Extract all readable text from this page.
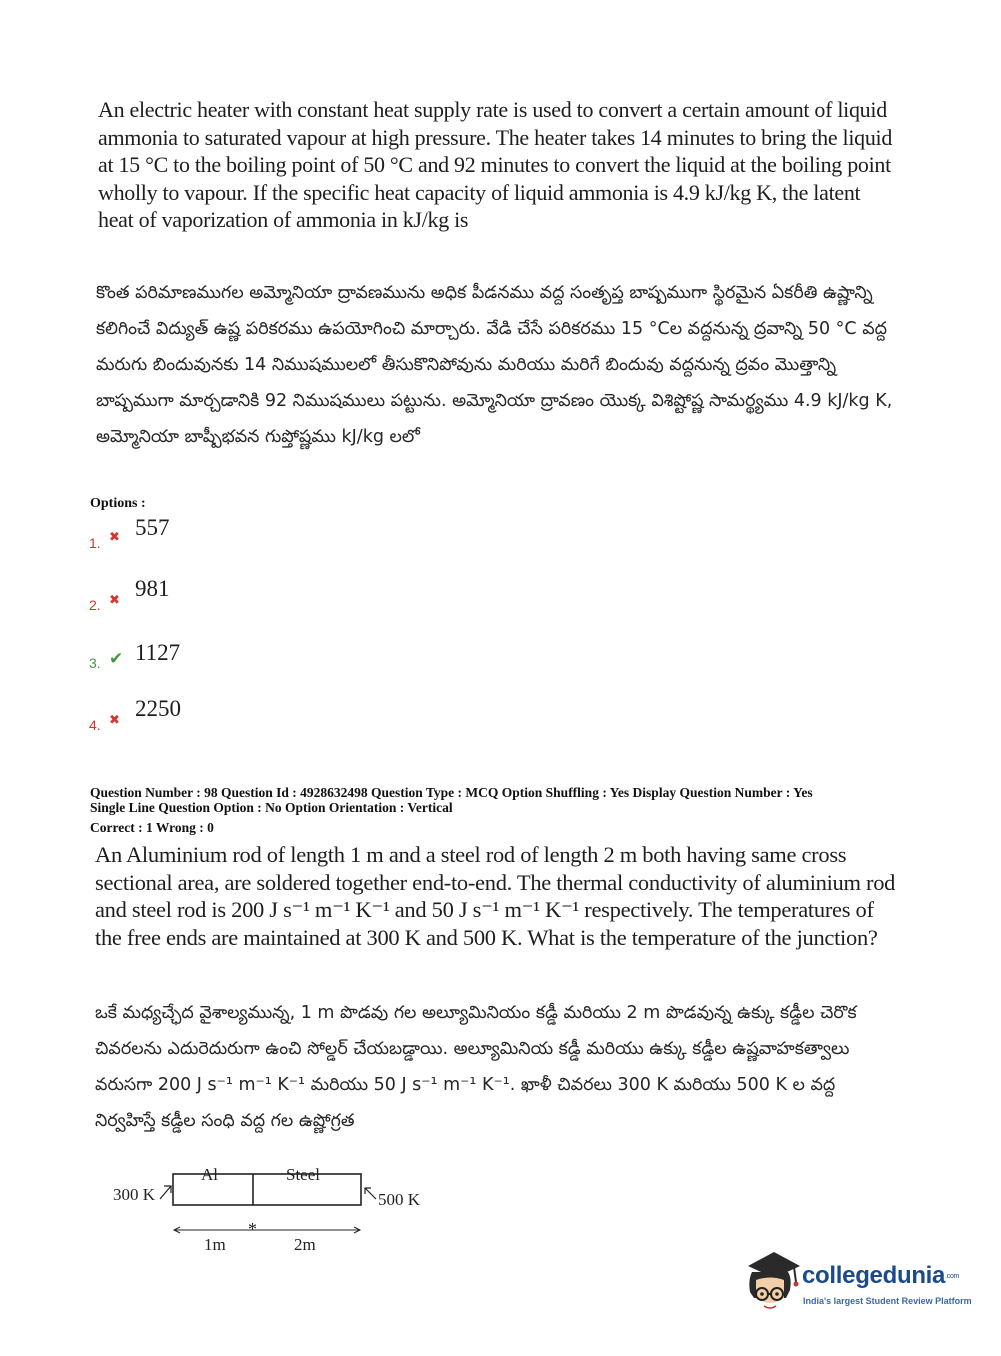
An electric heater with constant heat supply rate is used to convert a certain amount of liquid ammonia to saturated vapour at high pressure. The heater takes 14 minutes to bring the liquid at 15 °C to the boiling point of 50 °C and 92 minutes to convert the liquid at the boiling point wholly to vapour. If the specific heat capacity of liquid ammonia is 4.9 kJ/kg K, the latent heat of vaporization of ammonia in kJ/kg is

కొంత పరిమాణముగల అమ్మోనియా ద్రావణమును అధిక పీడనము వద్ద సంతృప్త బాష్పముగా స్థిరమైన ఏకరీతి ఉష్ణాన్ని కలిగించే విద్యుత్ ఉష్ణ పరికరము ఉపయోగించి మార్చారు. వేడి చేసే పరికరము 15 °Cల వద్దనున్న ద్రవాన్ని 50 °C వద్ద మరుగు బిందువునకు 14 నిముషములలో తీసుకొనిపోవును మరియు మరిగే బిందువు వద్దనున్న ద్రవం మొత్తాన్ని బాష్పముగా మార్చడానికి 92 నిముషములు పట్టును. అమ్మోనియా ద్రావణం యొక్క విశిష్టోష్ణ సామర్థ్యము 4.9 kJ/kg K, అమ్మోనియా బాష్పీభవన గుప్తోష్ణము kJ/kg లలో

Options :

1. ✖ 557
2. ✖ 981
3. ✔ 1127
4. ✖ 2250

Question Number : 98 Question Id : 4928632498 Question Type : MCQ Option Shuffling : Yes Display Question Number : Yes

Single Line Question Option : No Option Orientation : Vertical

Correct : 1 Wrong : 0

An Aluminium rod of length 1 m and a steel rod of length 2 m both having same cross sectional area, are soldered together end-to-end. The thermal conductivity of aluminium rod and steel rod is 200 J s⁻¹ m⁻¹ K⁻¹ and 50 J s⁻¹ m⁻¹ K⁻¹ respectively. The temperatures of the free ends are maintained at 300 K and 500 K. What is the temperature of the junction?

ఒకే మధ్యచ్ఛేద వైశాల్యమున్న, 1 m పొడవు గల అల్యూమినియం కడ్డీ మరియు 2 m పొడవున్న ఉక్కు కడ్డీల చెరొక చివరలను ఎదురెదురుగా ఉంచి సోల్డర్ చేయబడ్డాయి. అల్యూమినియ కడ్డీ మరియు ఉక్కు కడ్డీల ఉష్ణవాహకత్వాలు వరుసగా 200 J s⁻¹ m⁻¹ K⁻¹ మరియు 50 J s⁻¹ m⁻¹ K⁻¹. ఖాళీ చివరలు 300 K మరియు 500 K ల వద్ద నిర్వహిస్తే కడ్డీల సంధి వద్ద గల ఉష్ణోగ్రత

300 K	500 K
Al	Steel
*
1m	2m
collegedunia.com
India's largest Student Review Platform
